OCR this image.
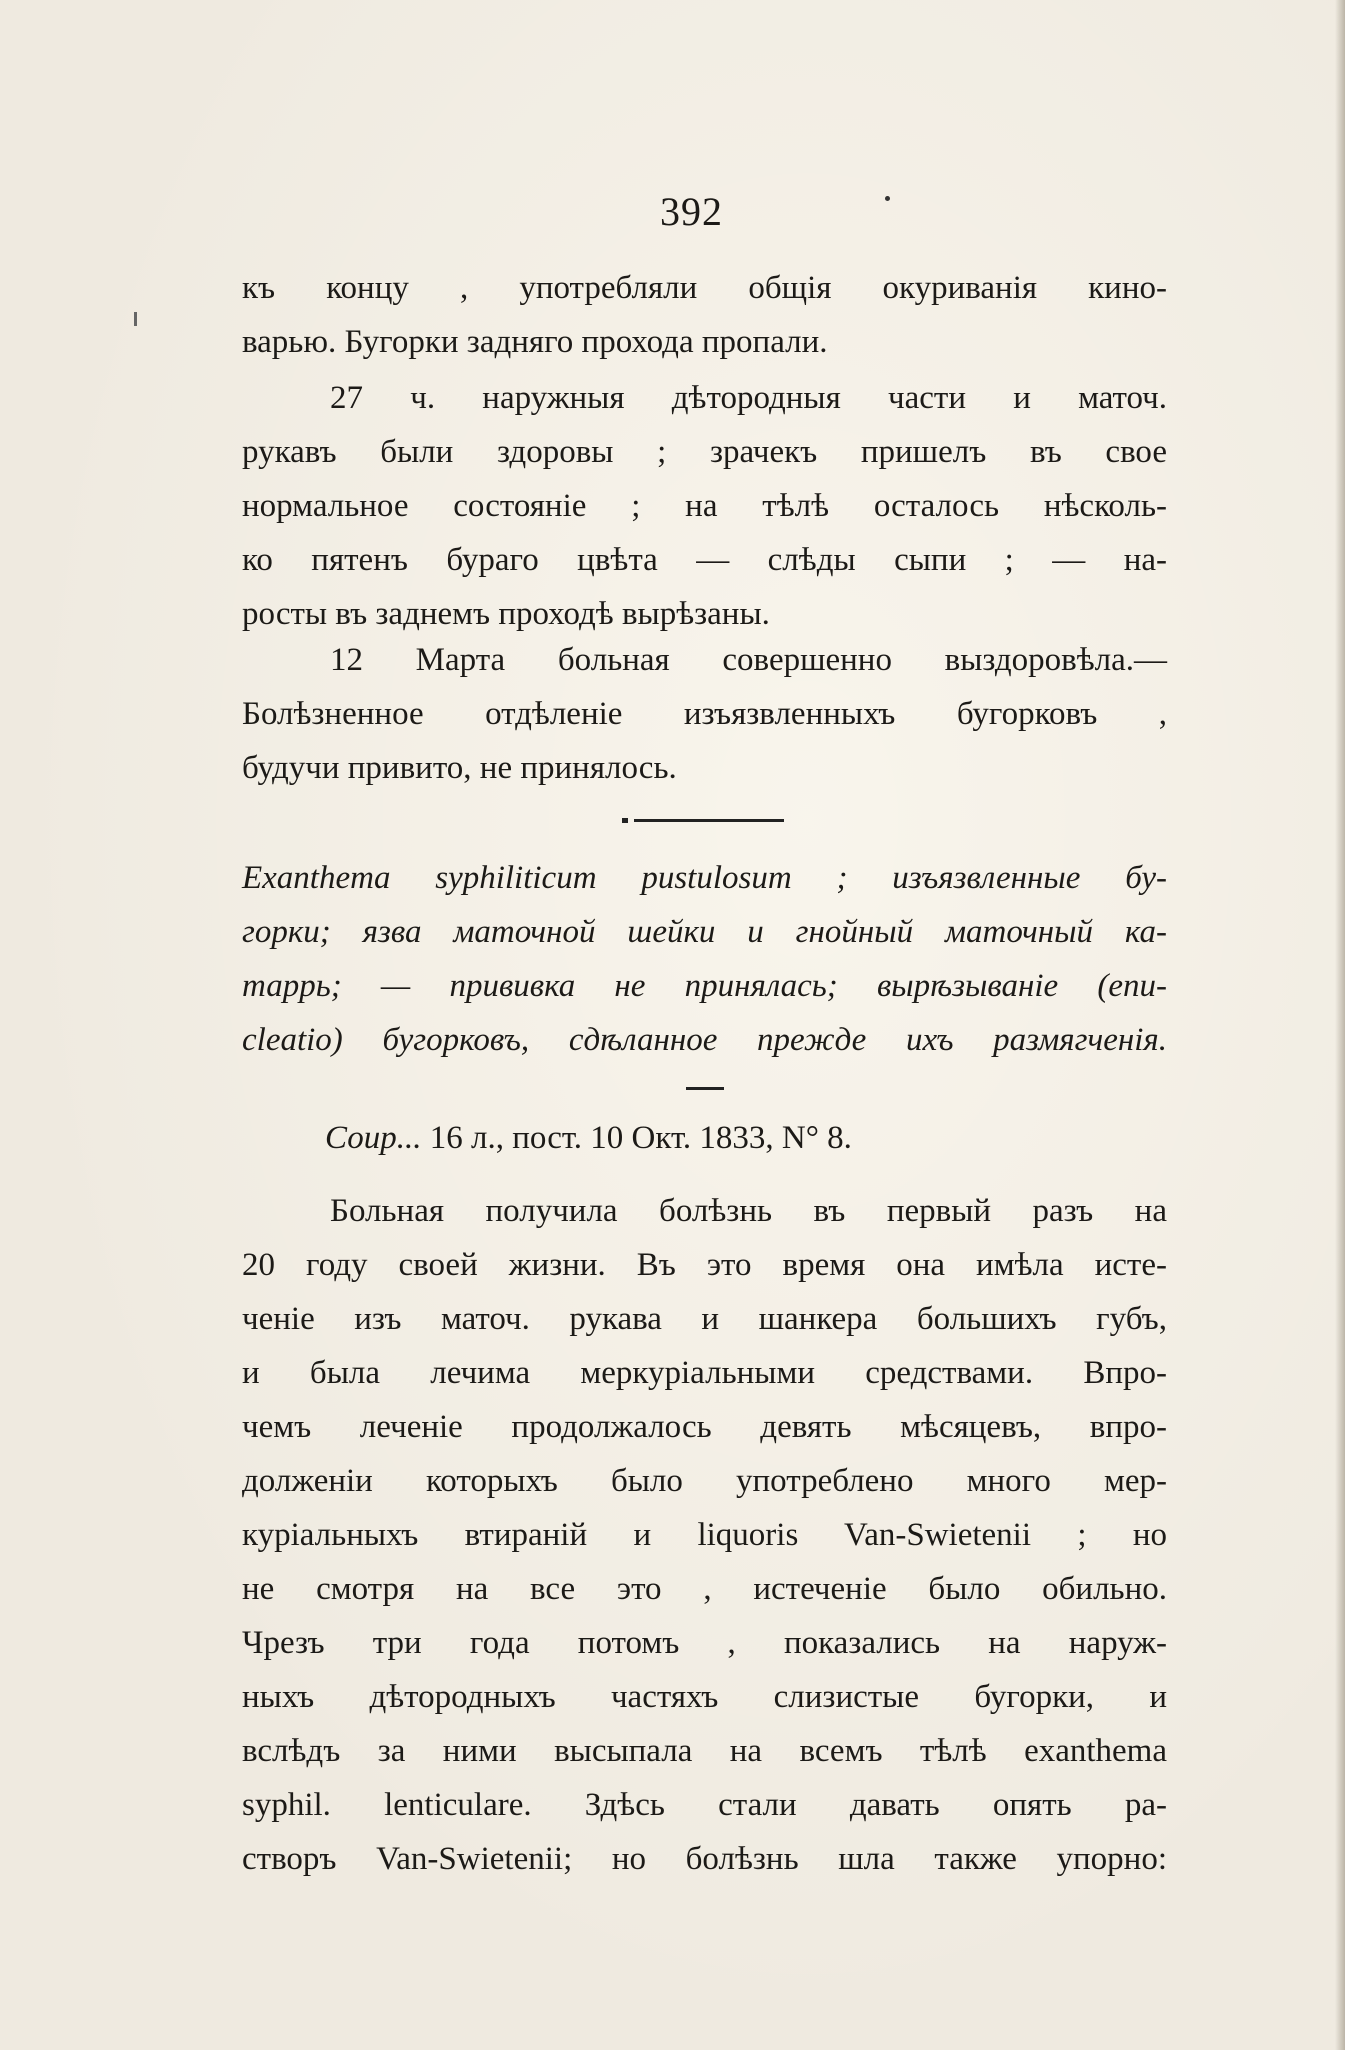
392
къ концу , употребляли общія окуриванія кино-
варью. Бугорки задняго прохода пропали.
27 ч. наружныя дѣтородныя части и маточ.
рукавъ были здоровы ; зрачекъ пришелъ въ свое
нормальное состояніе ; на тѣлѣ осталось нѣсколь-
ко пятенъ бураго цвѣта — слѣды сыпи ; — на-
росты въ заднемъ проходѣ вырѣзаны.
12 Марта больная совершенно выздоровѣла.—
Болѣзненное отдѣленіе изъязвленныхъ бугорковъ ,
будучи привито, не принялось.
Exanthema syphiliticum pustulosum ; изъязвленные бу-
горки; язва маточной шейки и гнойный маточный ка-
таррь; — прививка не принялась; вырѣзываніе (enu-
cleatio) бугорковъ, сдѣланное прежде ихъ размягченія.
Соир... 16 л., пост. 10 Окт. 1833, N° 8.
Больная получила болѣзнь въ первый разъ на
20 году своей жизни. Въ это время она имѣла исте-
ченіе изъ маточ. рукава и шанкера большихъ губъ,
и была лечима меркуріальными средствами. Впро-
чемъ леченіе продолжалось девять мѣсяцевъ, впро-
долженіи которыхъ было употреблено много мер-
куріальныхъ втираній и liquoris Van-Swietenii ; но
не смотря на все это , истеченіе было обильно.
Чрезъ три года потомъ , показались на наруж-
ныхъ дѣтородныхъ частяхъ слизистые бугорки, и
вслѣдъ за ними высыпала на всемъ тѣлѣ exanthema
syphil. lenticulare. Здѣсь стали давать опять ра-
створъ Van-Swietenii; но болѣзнь шла также упорно:
